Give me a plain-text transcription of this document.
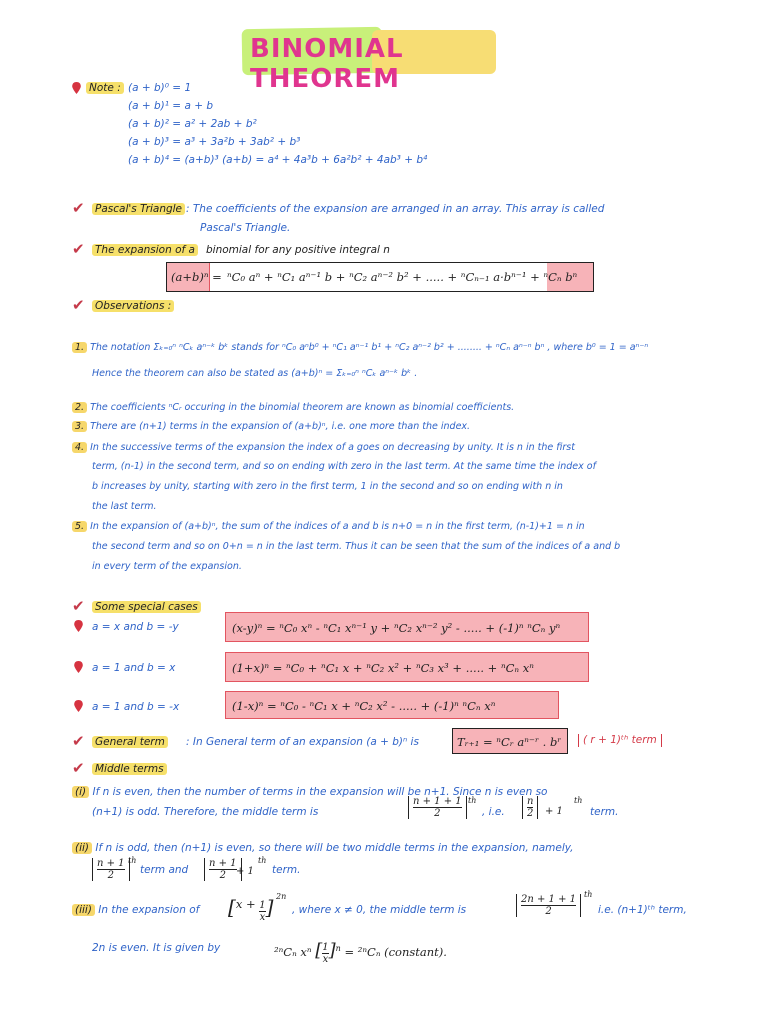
BINOMIAL THEOREM
Note : (a + b)⁰ = 1
(a + b)¹ = a + b
(a + b)² = a² + 2ab + b²
(a + b)³ = a³ + 3a²b + 3ab² + b³
(a + b)⁴ = (a+b)³ (a+b) = a⁴ + 4a³b + 6a²b² + 4ab³ + b⁴
✔ Pascal's Triangle : The coefficients of the expansion are arranged in an array. This array is called
Pascal's Triangle.
✔ The expansion of a binomial for any positive integral n
(a+b)ⁿ = ⁿC₀ aⁿ + ⁿC₁ aⁿ⁻¹ b + ⁿC₂ aⁿ⁻² b² + ..... + ⁿCₙ₋₁ a·bⁿ⁻¹ + ⁿCₙ bⁿ
✔ Observations :
1. The notation Σₖ₌₀ⁿ ⁿCₖ aⁿ⁻ᵏ bᵏ stands for ⁿC₀ aⁿb⁰ + ⁿC₁ aⁿ⁻¹ b¹ + ⁿC₂ aⁿ⁻² b² + ........ + ⁿCₙ aⁿ⁻ⁿ bⁿ , where b⁰ = 1 = aⁿ⁻ⁿ
Hence the theorem can also be stated as (a+b)ⁿ = Σₖ₌₀ⁿ ⁿCₖ aⁿ⁻ᵏ bᵏ .
2. The coefficients ⁿCᵣ occuring in the binomial theorem are known as binomial coefficients.
3. There are (n+1) terms in the expansion of (a+b)ⁿ, i.e. one more than the index.
4. In the successive terms of the expansion the index of a goes on decreasing by unity. It is n in the first
term, (n-1) in the second term, and so on ending with zero in the last term. At the same time the index of
b increases by unity, starting with zero in the first term, 1 in the second and so on ending with n in
the last term.
5. In the expansion of (a+b)ⁿ, the sum of the indices of a and b is n+0 = n in the first term, (n-1)+1 = n in
the second term and so on 0+n = n in the last term. Thus it can be seen that the sum of the indices of a and b
in every term of the expansion.
✔ Some special cases
a = x and b = -y	(x-y)ⁿ = ⁿC₀ xⁿ - ⁿC₁ xⁿ⁻¹ y + ⁿC₂ xⁿ⁻² y² - ..... + (-1)ⁿ ⁿCₙ yⁿ
a = 1 and b = x	(1+x)ⁿ = ⁿC₀ + ⁿC₁ x + ⁿC₂ x² + ⁿC₃ x³ + ..... + ⁿCₙ xⁿ
a = 1 and b = -x	(1-x)ⁿ = ⁿC₀ - ⁿC₁ x + ⁿC₂ x² - ..... + (-1)ⁿ ⁿCₙ xⁿ
✔ General term : In General term of an expansion (a + b)ⁿ is	Tᵣ₊₁ = ⁿCᵣ aⁿ⁻ʳ . bʳ	( r + 1)ᵗʰ term
✔ Middle terms
(i) If n is even, then the number of terms in the expansion will be n+1. Since n is even so
(n+1) is odd. Therefore, the middle term is	$\frac{n + 1 + 1}{2}$ th
, i.e. $\frac{n}{2} + 1$
th
term.
(ii) If n is odd, then (n+1) is even, so there will be two middle terms in the expansion, namely,
$\frac{n + 1}{2}$
th
term and $\frac{n + 1}{2}$
+ 1
th
term.
(iii) In the expansion of [$x + \frac{1}{x}$ ] 2n
, where x ≠ 0, the middle term is	$\frac{2n + 1 + 1}{2}$ th
i.e. (n+1)ᵗʰ term,
2n is even. It is given by	²ⁿCₙ xⁿ [ $\frac{1}{x} ]^n = ^{2n}C_n$ (constant).
